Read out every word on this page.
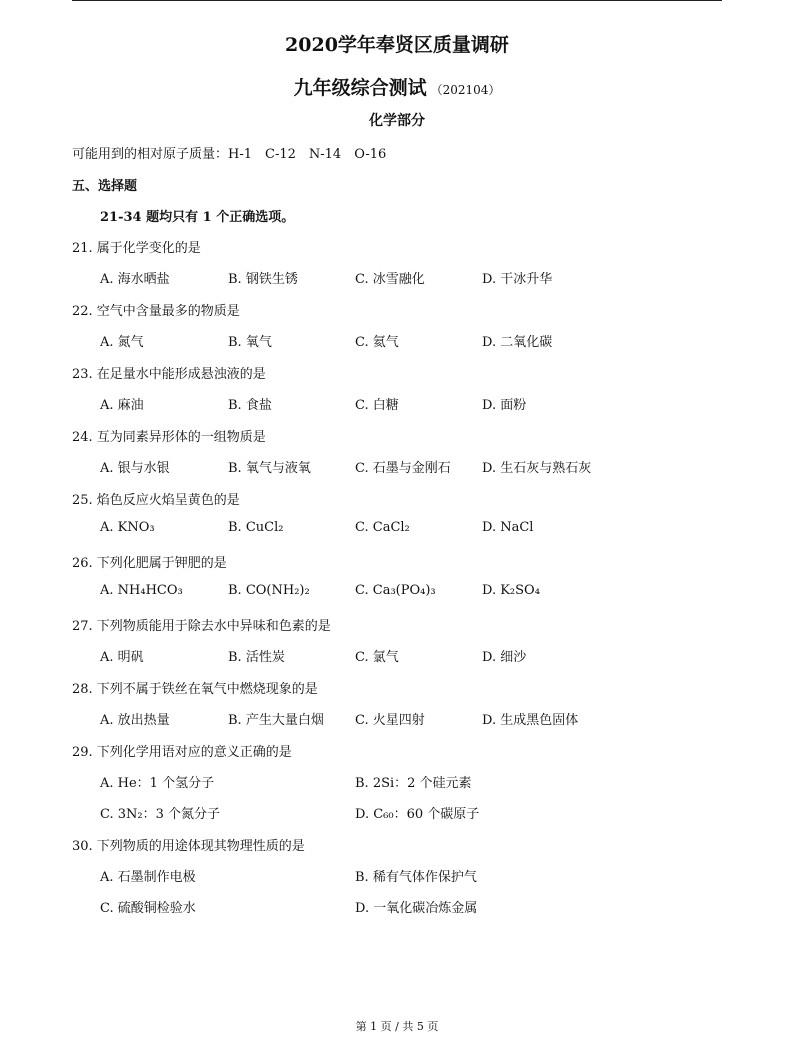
2020学年奉贤区质量调研
九年级综合测试 （202104）
化学部分
可能用到的相对原子质量：H-1　C-12　N-14　O-16
五、选择题
21-34 题均只有 1 个正确选项。
21. 属于化学变化的是
A. 海水晒盐	B. 钢铁生锈	C. 冰雪融化	D. 干冰升华
22. 空气中含量最多的物质是
A. 氮气	B. 氧气	C. 氦气	D. 二氧化碳
23. 在足量水中能形成悬浊液的是
A. 麻油	B. 食盐	C. 白糖	D. 面粉
24. 互为同素异形体的一组物质是
A. 银与水银	B. 氧气与液氧	C. 石墨与金刚石 D. 生石灰与熟石灰
25. 焰色反应火焰呈黄色的是
A. KNO₃	B. CuCl₂	C. CaCl₂	D. NaCl
26. 下列化肥属于钾肥的是
A. NH₄HCO₃	B. CO(NH₂)₂	C. Ca₃(PO₄)₃	D. K₂SO₄
27. 下列物质能用于除去水中异味和色素的是
A. 明矾	B. 活性炭	C. 氯气	D. 细沙
28. 下列不属于铁丝在氧气中燃烧现象的是
A. 放出热量	B. 产生大量白烟 C. 火星四射	D. 生成黑色固体
29. 下列化学用语对应的意义正确的是
A. He：1 个氢分子	B. 2Si：2 个硅元素
C. 3N₂：3 个氮分子	D. C₆₀：60 个碳原子
30. 下列物质的用途体现其物理性质的是
A. 石墨制作电极	B. 稀有气体作保护气
C. 硫酸铜检验水	D. 一氧化碳冶炼金属
第 1 页 / 共 5 页
